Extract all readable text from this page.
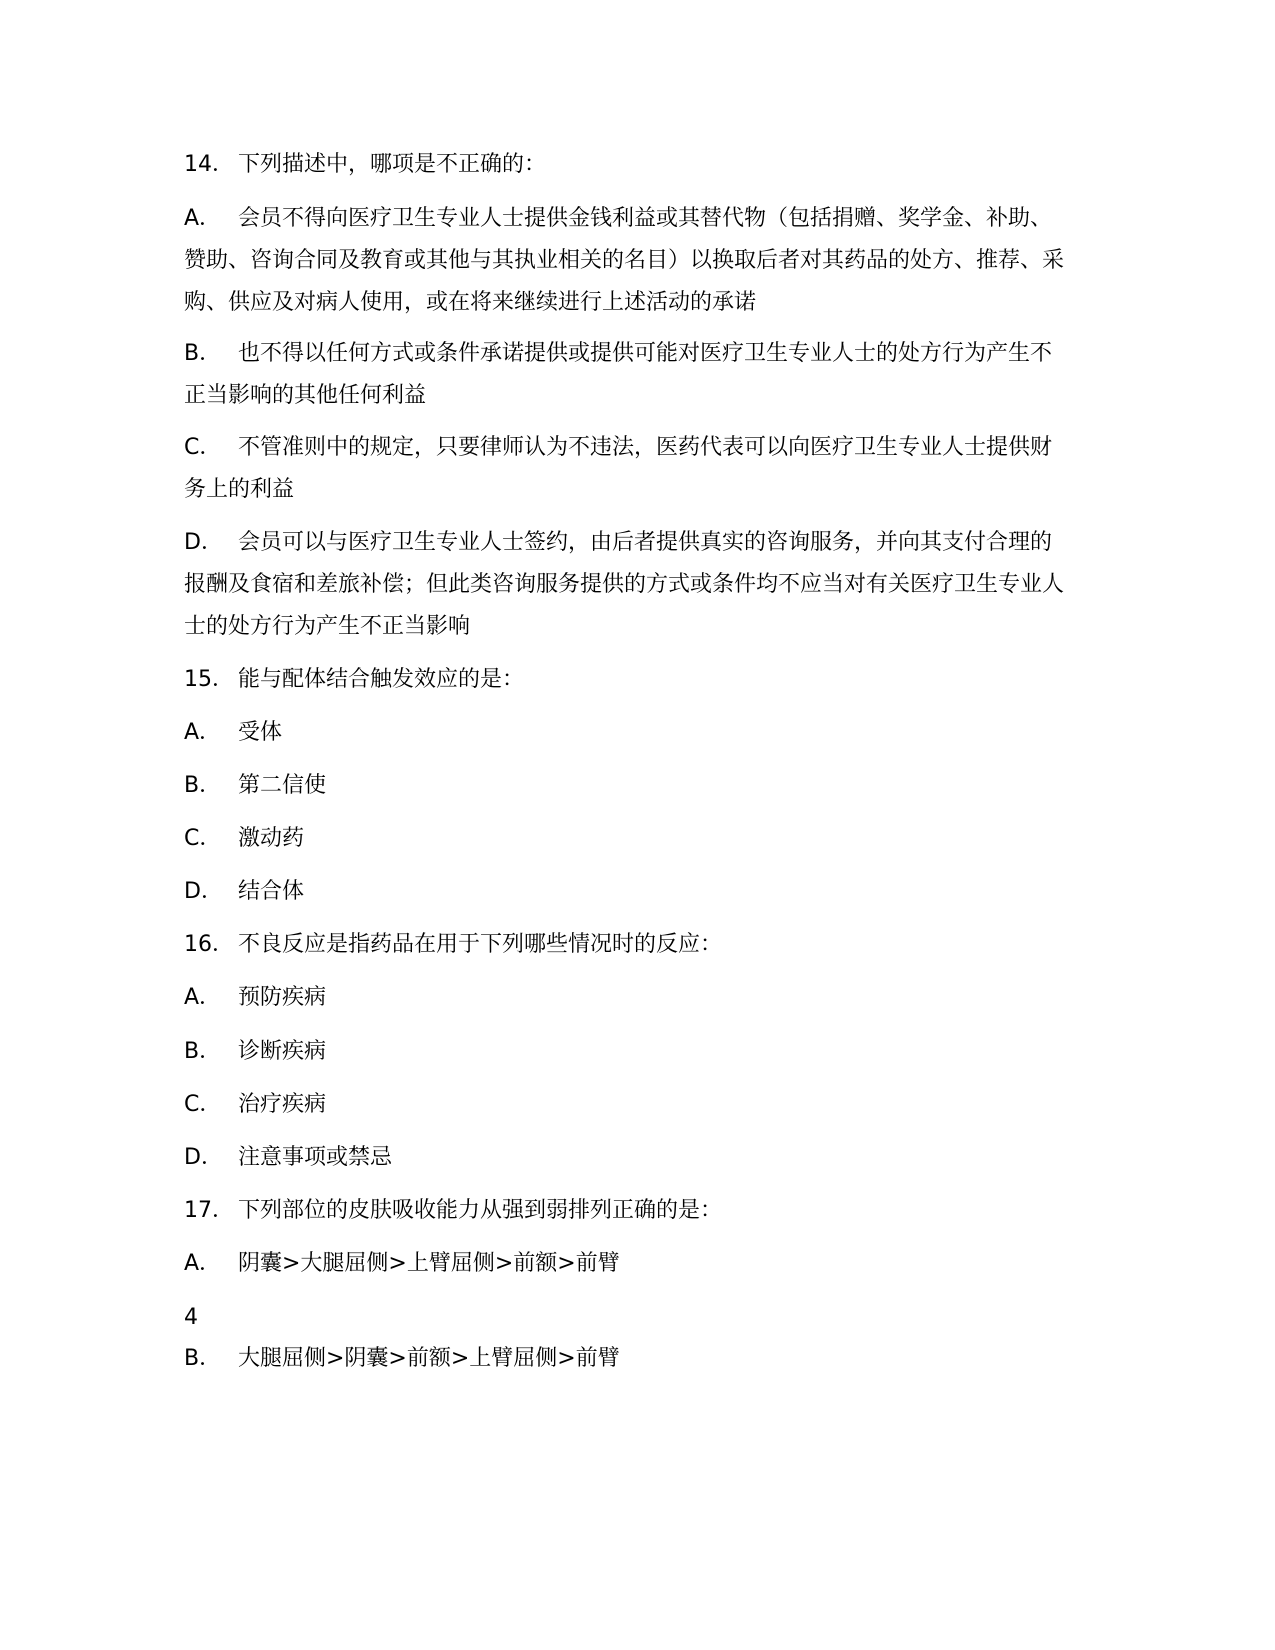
14． 下列描述中，哪项是不正确的：
A． 会员不得向医疗卫生专业人士提供金钱利益或其替代物（包括捐赠、奖学金、补助、赞助、咨询合同及教育或其他与其执业相关的名目）以换取后者对其药品的处方、推荐、采购、供应及对病人使用，或在将来继续进行上述活动的承诺
B． 也不得以任何方式或条件承诺提供或提供可能对医疗卫生专业人士的处方行为产生不正当影响的其他任何利益
C． 不管准则中的规定，只要律师认为不违法，医药代表可以向医疗卫生专业人士提供财务上的利益
D． 会员可以与医疗卫生专业人士签约，由后者提供真实的咨询服务，并向其支付合理的报酬及食宿和差旅补偿；但此类咨询服务提供的方式或条件均不应当对有关医疗卫生专业人士的处方行为产生不正当影响
15． 能与配体结合触发效应的是：
A． 受体
B． 第二信使
C． 激动药
D． 结合体
16． 不良反应是指药品在用于下列哪些情况时的反应：
A． 预防疾病
B． 诊断疾病
C． 治疗疾病
D． 注意事项或禁忌
17． 下列部位的皮肤吸收能力从强到弱排列正确的是：
A． 阴囊>大腿屈侧>上臂屈侧>前额>前臂
4
B． 大腿屈侧>阴囊>前额>上臂屈侧>前臂
